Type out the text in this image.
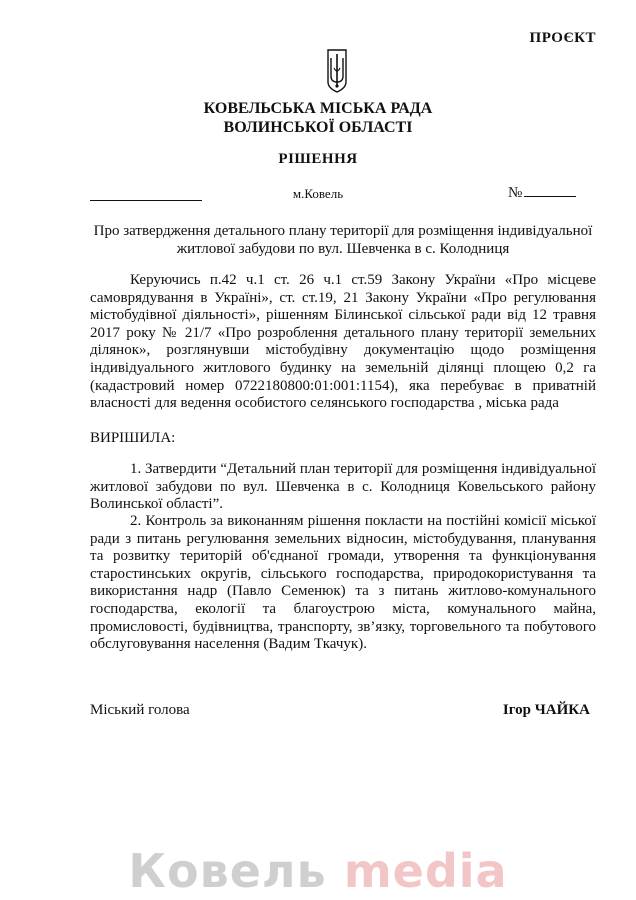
ПРОЄКТ
КОВЕЛЬСЬКА МІСЬКА РАДА
ВОЛИНСЬКОЇ ОБЛАСТІ
РІШЕННЯ
м.Ковель	№
Про затвердження детального плану території для розміщення індивідуальної
житлової забудови по вул. Шевченка в с. Колодниця
Керуючись п.42 ч.1 ст. 26 ч.1 ст.59 Закону України «Про місцеве самоврядування в Україні», ст. ст.19, 21 Закону України «Про регулювання містобудівної діяльності», рішенням Білинської сільської ради від 12 травня 2017 року № 21/7 «Про розроблення детального плану території земельних ділянок», розглянувши містобудівну документацію щодо розміщення індивідуального житлового будинку на земельній ділянці площею 0,2 га (кадастровий номер 0722180800:01:001:1154), яка перебуває в приватній власності для ведення особистого селянського господарства , міська рада
ВИРІШИЛА:
1. Затвердити “Детальний план території для розміщення індивідуальної житлової забудови по вул. Шевченка в с. Колодниця Ковельського району Волинської області”.
2. Контроль за виконанням рішення покласти на постійні комісії міської ради з питань регулювання земельних відносин, містобудування, планування та розвитку територій об'єднаної громади, утворення та функціонування старостинських округів, сільського господарства, природокористування та використання надр (Павло Семенюк) та з питань житлово-комунального господарства, екології та благоустрою міста, комунального майна, промисловості, будівництва, транспорту, зв’язку, торговельного та побутового обслуговування населення (Вадим Ткачук).
Міський голова	Ігор ЧАЙКА
Ковель media
